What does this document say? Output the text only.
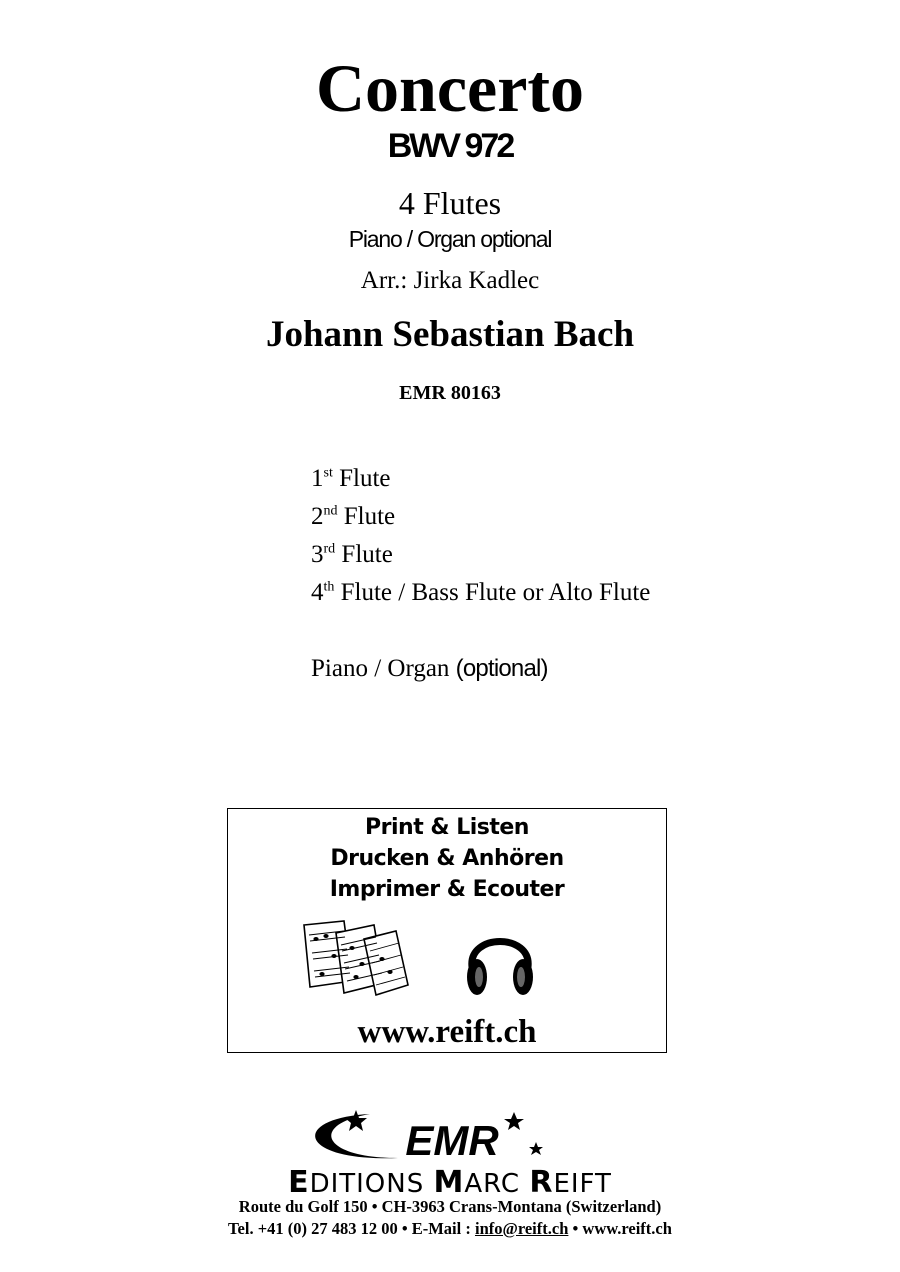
Concerto
BWV 972
4 Flutes
Piano / Organ optional
Arr.: Jirka Kadlec
Johann Sebastian Bach
EMR 80163
1st Flute
2nd Flute
3rd Flute
4th Flute / Bass Flute or Alto Flute
Piano / Organ (optional)
Print & Listen
Drucken & Anhören
Imprimer & Ecouter
www.reift.ch
EMR
EDITIONS MARC REIFT
Route du Golf 150 • CH-3963 Crans-Montana (Switzerland)
Tel. +41 (0) 27 483 12 00 • E-Mail : info@reift.ch • www.reift.ch
